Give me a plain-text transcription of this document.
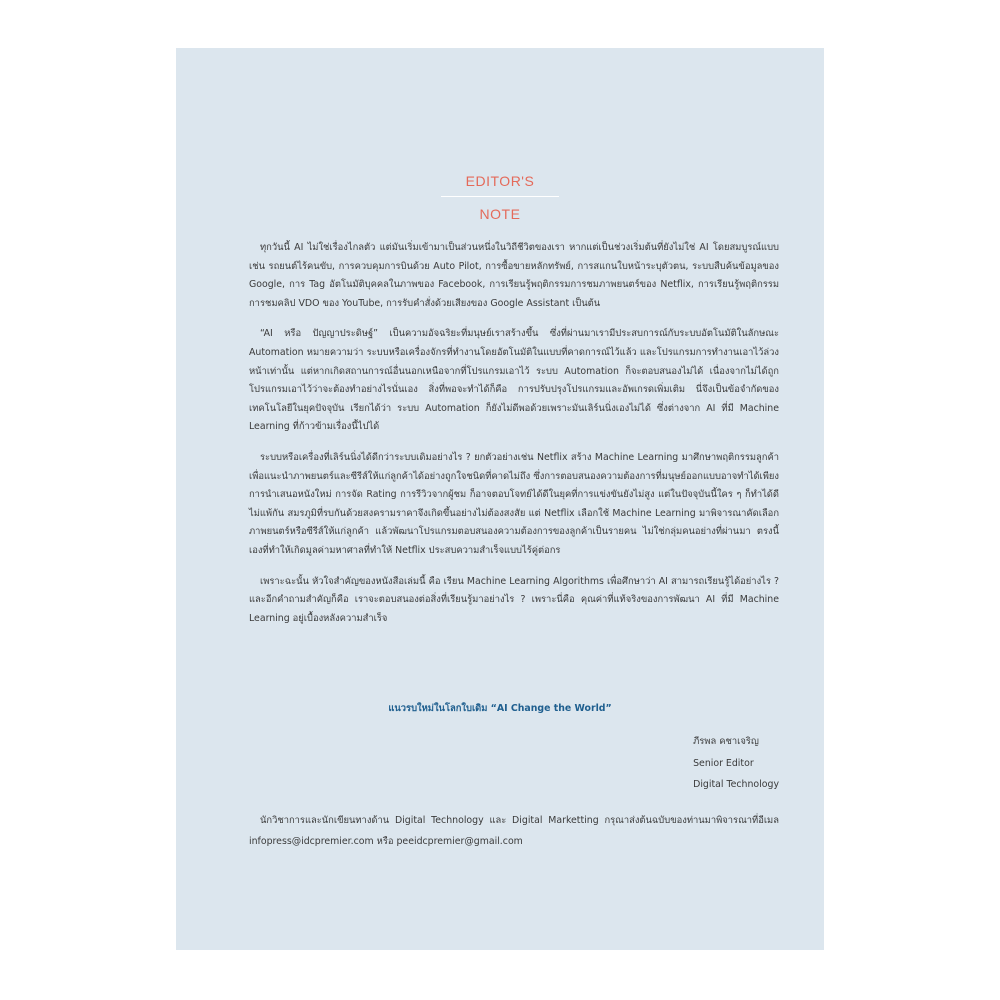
EDITOR'S
NOTE

ทุกวันนี้ AI ไม่ใช่เรื่องไกลตัว แต่มันเริ่มเข้ามาเป็นส่วนหนึ่งในวิถีชีวิตของเรา หากแต่เป็นช่วงเริ่มต้นที่ยังไม่ใช่ AI โดยสมบูรณ์แบบ เช่น รถยนต์ไร้คนขับ, การควบคุมการบินด้วย Auto Pilot, การซื้อขายหลักทรัพย์, การสแกนใบหน้าระบุตัวตน, ระบบสืบค้นข้อมูลของ Google, การ Tag อัตโนมัติบุคคลในภาพของ Facebook, การเรียนรู้พฤติกรรมการชมภาพยนตร์ของ Netflix, การเรียนรู้พฤติกรรมการชมคลิป VDO ของ YouTube, การรับคำสั่งด้วยเสียงของ Google Assistant เป็นต้น

“AI หรือ ปัญญาประดิษฐ์” เป็นความอัจฉริยะที่มนุษย์เราสร้างขึ้น ซึ่งที่ผ่านมาเรามีประสบการณ์กับระบบอัตโนมัติในลักษณะ Automation หมายความว่า ระบบหรือเครื่องจักรที่ทำงานโดยอัตโนมัติในแบบที่คาดการณ์ไว้แล้ว และโปรแกรมการทำงานเอาไว้ล่วงหน้าเท่านั้น แต่หากเกิดสถานการณ์อื่นนอกเหนือจากที่โปรแกรมเอาไว้ ระบบ Automation ก็จะตอบสนองไม่ได้ เนื่องจากไม่ได้ถูกโปรแกรมเอาไว้ว่าจะต้องทำอย่างไรนั่นเอง สิ่งที่พอจะทำได้ก็คือ การปรับปรุงโปรแกรมและอัพเกรดเพิ่มเติม นี่จึงเป็นข้อจำกัดของเทคโนโลยีในยุคปัจจุบัน เรียกได้ว่า ระบบ Automation ก็ยังไม่ดีพอด้วยเพราะมันเลิร์นนิ่งเองไม่ได้ ซึ่งต่างจาก AI ที่มี Machine Learning ที่ก้าวข้ามเรื่องนี้ไปได้

ระบบหรือเครื่องที่เลิร์นนิ่งได้ดีกว่าระบบเดิมอย่างไร ? ยกตัวอย่างเช่น Netflix สร้าง Machine Learning มาศึกษาพฤติกรรมลูกค้า เพื่อแนะนำภาพยนตร์และซีรีส์ให้แก่ลูกค้าได้อย่างถูกใจชนิดที่คาดไม่ถึง ซึ่งการตอบสนองความต้องการที่มนุษย์ออกแบบอาจทำได้เพียงการนำเสนอหนังใหม่ การจัด Rating การรีวิวจากผู้ชม ก็อาจตอบโจทย์ได้ดีในยุคที่การแข่งขันยังไม่สูง แต่ในปัจจุบันนี้ใคร ๆ ก็ทำได้ดีไม่แพ้กัน สมรภูมิที่รบกันด้วยสงครามราคาจึงเกิดขึ้นอย่างไม่ต้องสงสัย แต่ Netflix เลือกใช้ Machine Learning มาพิจารณาคัดเลือกภาพยนตร์หรือซีรีส์ให้แก่ลูกค้า แล้วพัฒนาโปรแกรมตอบสนองความต้องการของลูกค้าเป็นรายคน ไม่ใช่กลุ่มคนอย่างที่ผ่านมา ตรงนี้เองที่ทำให้เกิดมูลค่ามหาศาลที่ทำให้ Netflix ประสบความสำเร็จแบบไร้คู่ต่อกร

เพราะฉะนั้น หัวใจสำคัญของหนังสือเล่มนี้ คือ เรียน Machine Learning Algorithms เพื่อศึกษาว่า AI สามารถเรียนรู้ได้อย่างไร ? และอีกคำถามสำคัญก็คือ เราจะตอบสนองต่อสิ่งที่เรียนรู้มาอย่างไร ? เพราะนี่คือ คุณค่าที่แท้จริงของการพัฒนา AI ที่มี Machine Learning อยู่เบื้องหลังความสำเร็จ

แนวรบใหม่ในโลกใบเดิม “AI Change the World”
ภีรพล คชาเจริญ
Senior Editor
Digital Technology

นักวิชาการและนักเขียนทางด้าน Digital Technology และ Digital Marketting กรุณาส่งต้นฉบับของท่านมาพิจารณาที่อีเมล infopress@idcpremier.com หรือ peeidcpremier@gmail.com
